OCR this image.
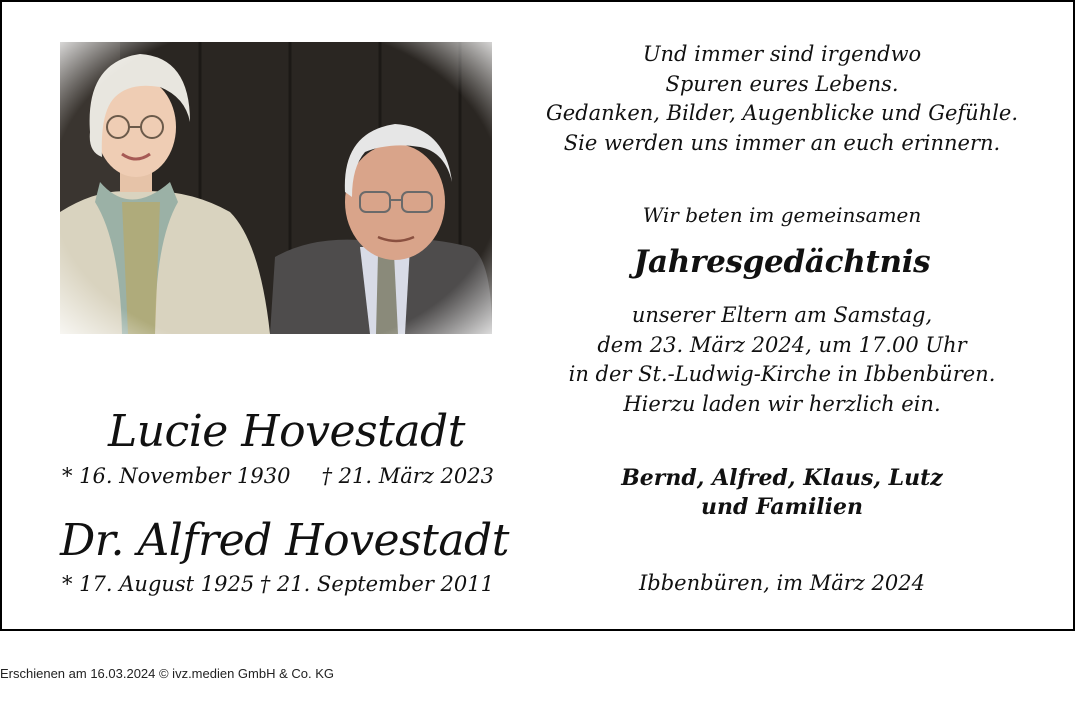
Lucie Hovestadt
* 16. November 1930 † 21. März 2023
Dr. Alfred Hovestadt
* 17. August 1925 † 21. September 2011
Und immer sind irgendwo
Spuren eures Lebens.
Gedanken, Bilder, Augenblicke und Gefühle.
Sie werden uns immer an euch erinnern.
Wir beten im gemeinsamen
Jahresgedächtnis
unserer Eltern am Samstag,
dem 23. März 2024, um 17.00 Uhr
in der St.-Ludwig-Kirche in Ibbenbüren.
Hierzu laden wir herzlich ein.
Bernd, Alfred, Klaus, Lutz
und Familien
Ibbenbüren, im März 2024
Erschienen am 16.03.2024 © ivz.medien GmbH & Co. KG
